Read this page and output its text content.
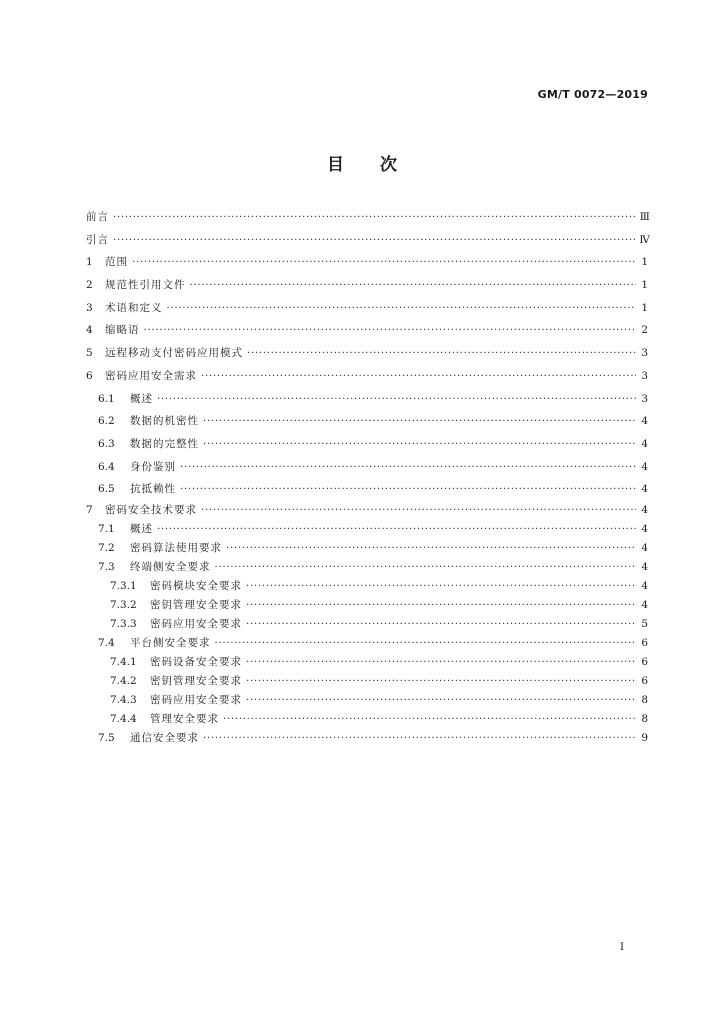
GM/T 0072—2019
目 次
前言 ·····	Ⅲ
引言 ·····	Ⅳ
1	范围 ·····	1
2	规范性引用文件 ·····	1
3	术语和定义 ·····	1
4	缩略语 ·····	2
5	远程移动支付密码应用模式 ·····	3
6	密码应用安全需求 ·····	3
6.1	概述 ·····	3
6.2	数据的机密性 ·····	4
6.3	数据的完整性 ·····	4
6.4	身份鉴别 ·····	4
6.5	抗抵赖性 ·····	4
7	密码安全技术要求 ·····	4
7.1	概述 ·····	4
7.2	密码算法使用要求 ·····	4
7.3	终端侧安全要求 ·····	4
7.3.1	密码模块安全要求 ·····	4
7.3.2	密钥管理安全要求 ·····	4
7.3.3	密码应用安全要求 ·····	5
7.4	平台侧安全要求 ·····	6
7.4.1	密码设备安全要求 ·····	6
7.4.2	密钥管理安全要求 ·····	6
7.4.3	密码应用安全要求 ·····	8
7.4.4	管理安全要求 ·····	8
7.5	通信安全要求 ·····	9
I
